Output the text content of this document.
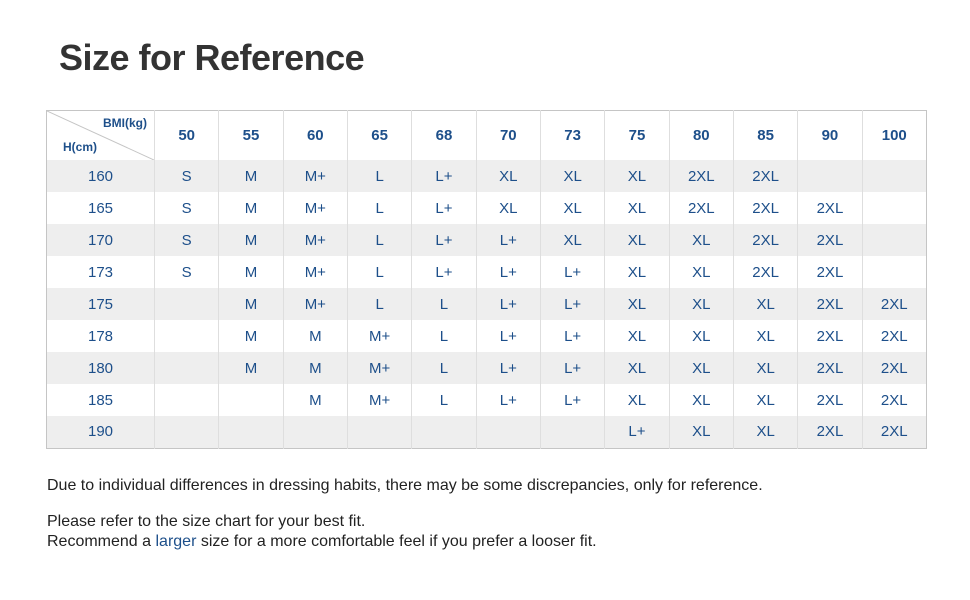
Size for Reference
BMI(kg)
H(cm)	50	55	60	65	68	70	73	75	80	85	90	100
160	S	M	M+	L	L+	XL	XL	XL	2XL	2XL		
165	S	M	M+	L	L+	XL	XL	XL	2XL	2XL	2XL	
170	S	M	M+	L	L+	L+	XL	XL	XL	2XL	2XL	
173	S	M	M+	L	L+	L+	L+	XL	XL	2XL	2XL	
175		M	M+	L	L	L+	L+	XL	XL	XL	2XL	2XL
178		M	M	M+	L	L+	L+	XL	XL	XL	2XL	2XL
180		M	M	M+	L	L+	L+	XL	XL	XL	2XL	2XL
185			M	M+	L	L+	L+	XL	XL	XL	2XL	2XL
190								L+	XL	XL	2XL	2XL

Due to individual differences in dressing habits, there may be some discrepancies, only for reference.

Please refer to the size chart for your best fit.

Recommend a larger size for a more comfortable feel if you prefer a looser fit.
